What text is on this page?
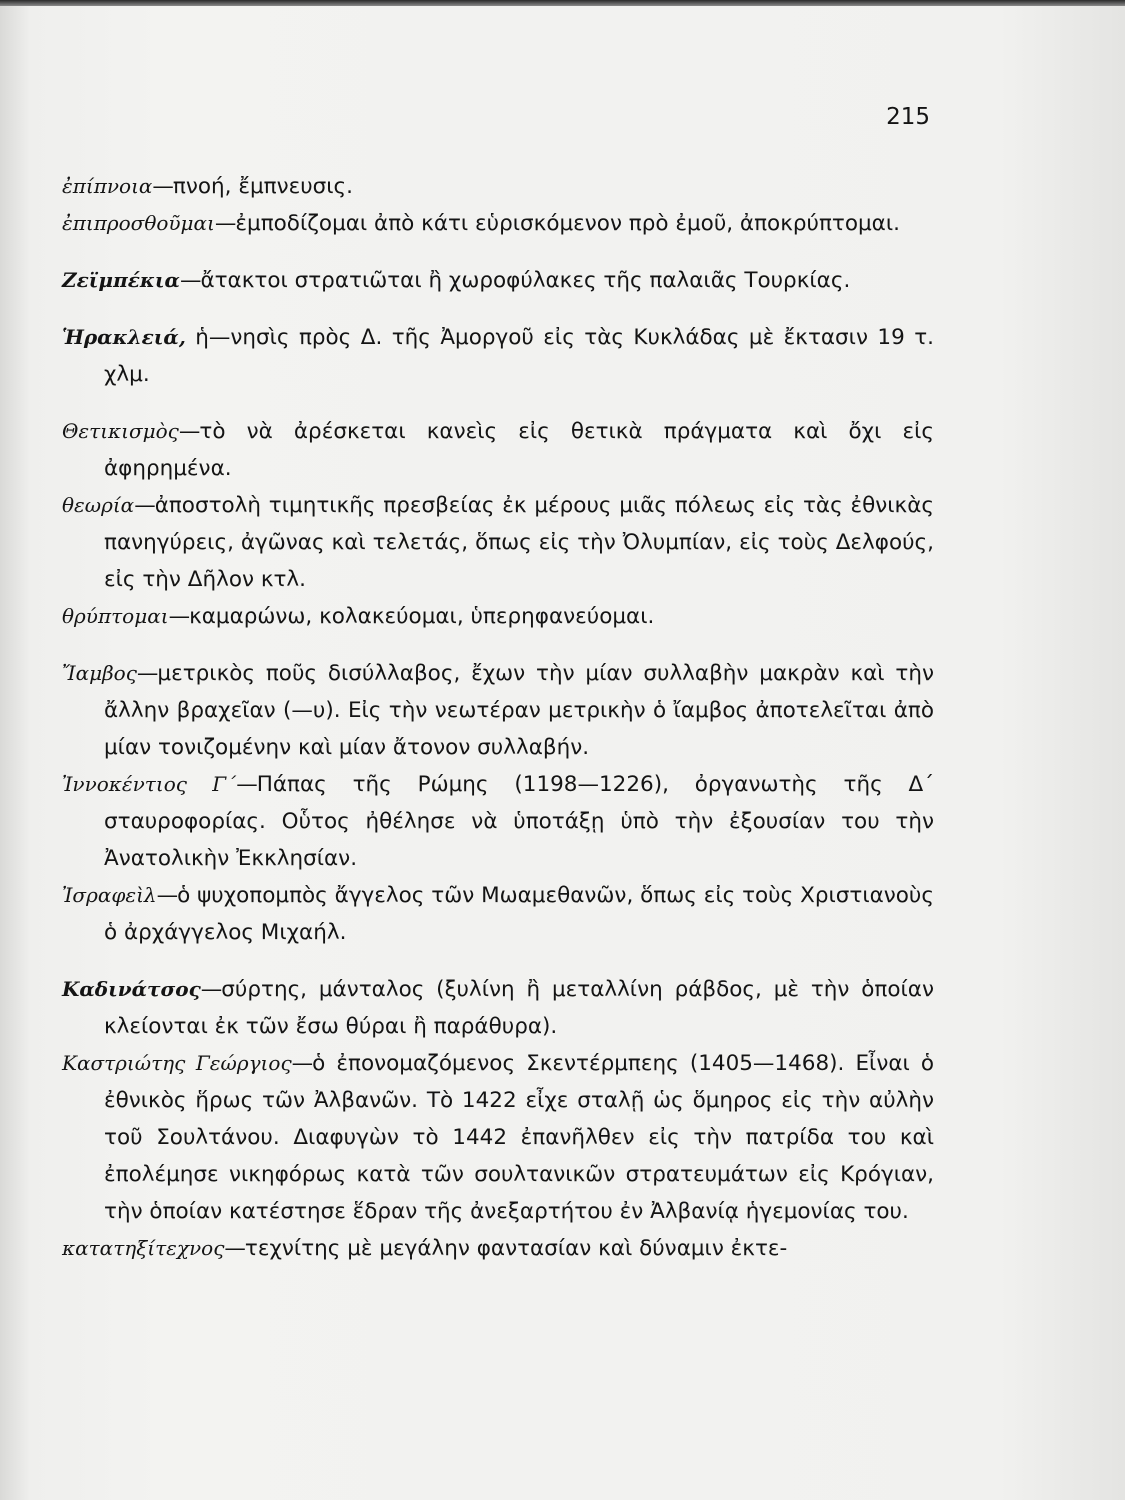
215
ἐπίπνοια—πνοή, ἔμπνευσις.
ἐπιπροσθοῦμαι—ἐμποδίζομαι ἀπὸ κάτι εὑρισκόμενον πρὸ ἐμοῦ, ἀποκρύπτομαι.
Ζεϊμπέκια—ἄτακτοι στρατιῶται ἢ χωροφύλακες τῆς παλαιᾶς Τουρκίας.
Ἡρακλειά, ἡ—νησὶς πρὸς Δ. τῆς Ἀμοργοῦ εἰς τὰς Κυκλάδας μὲ ἔκτασιν 19 τ. χλμ.
Θετικισμὸς—τὸ νὰ ἀρέσκεται κανεὶς εἰς θετικὰ πράγματα καὶ ὄχι εἰς ἀφηρημένα.
θεωρία—ἀποστολὴ τιμητικῆς πρεσβείας ἐκ μέρους μιᾶς πόλεως εἰς τὰς ἐθνικὰς πανηγύρεις, ἀγῶνας καὶ τελετάς, ὅπως εἰς τὴν Ὀλυμπίαν, εἰς τοὺς Δελφούς, εἰς τὴν Δῆλον κτλ.
θρύπτομαι—καμαρώνω, κολακεύομαι, ὑπερηφανεύομαι.
Ἴαμβος—μετρικὸς ποῦς δισύλλαβος, ἔχων τὴν μίαν συλλαβὴν μακρὰν καὶ τὴν ἄλλην βραχεῖαν (—υ). Εἰς τὴν νεωτέραν μετρικὴν ὁ ἴαμβος ἀποτελεῖται ἀπὸ μίαν τονιζομένην καὶ μίαν ἄτονον συλλαβήν.
Ἰννοκέντιος Γ΄—Πάπας τῆς Ρώμης (1198—1226), ὀργανωτὴς τῆς Δ΄ σταυροφορίας. Οὗτος ἠθέλησε νὰ ὑποτάξῃ ὑπὸ τὴν ἐξουσίαν του τὴν Ἀνατολικὴν Ἐκκλησίαν.
Ἰσραφεὶλ—ὁ ψυχοπομπὸς ἄγγελος τῶν Μωαμεθανῶν, ὅπως εἰς τοὺς Χριστιανοὺς ὁ ἀρχάγγελος Μιχαήλ.
Καδινάτσος—σύρτης, μάνταλος (ξυλίνη ἢ μεταλλίνη ράβδος, μὲ τὴν ὁποίαν κλείονται ἐκ τῶν ἔσω θύραι ἢ παράθυρα).
Καστριώτης Γεώργιος—ὁ ἐπονομαζόμενος Σκεντέρμπεης (1405—1468). Εἶναι ὁ ἐθνικὸς ἥρως τῶν Ἀλβανῶν. Τὸ 1422 εἶχε σταλῇ ὡς ὅμηρος εἰς τὴν αὐλὴν τοῦ Σουλτάνου. Διαφυγὼν τὸ 1442 ἐπανῆλθεν εἰς τὴν πατρίδα του καὶ ἐπολέμησε νικηφόρως κατὰ τῶν σουλτανικῶν στρατευμάτων εἰς Κρόγιαν, τὴν ὁποίαν κατέστησε ἕδραν τῆς ἀνεξαρτήτου ἐν Ἀλβανίᾳ ἡγεμονίας του.
κατατηξίτεχνος—τεχνίτης μὲ μεγάλην φαντασίαν καὶ δύναμιν ἐκτε-
